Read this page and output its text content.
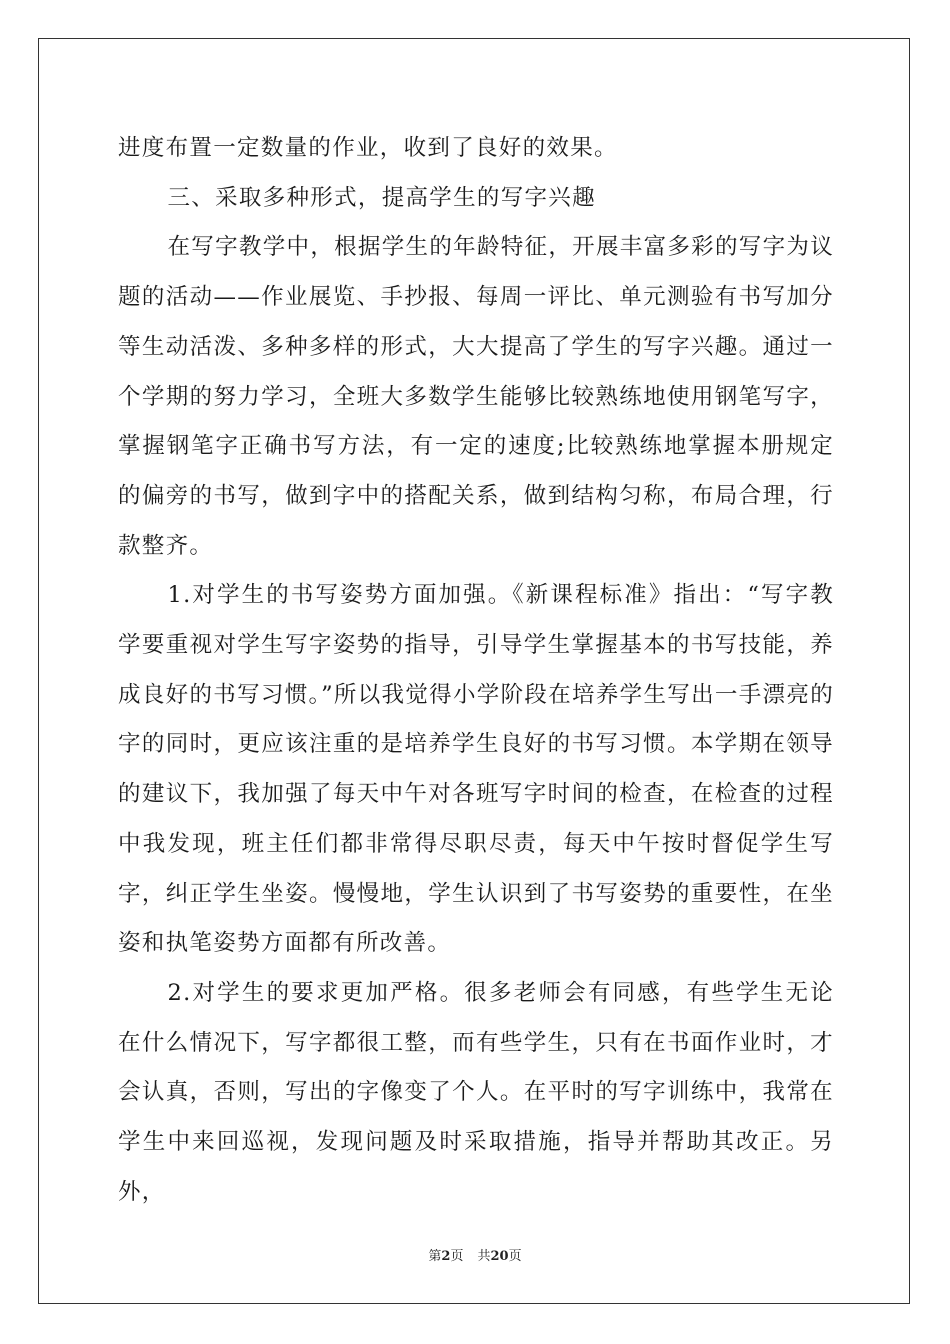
进度布置一定数量的作业，收到了良好的效果。

三、采取多种形式，提高学生的写字兴趣

在写字教学中，根据学生的年龄特征，开展丰富多彩的写字为议题的活动——作业展览、手抄报、每周一评比、单元测验有书写加分等生动活泼、多种多样的形式，大大提高了学生的写字兴趣。通过一个学期的努力学习，全班大多数学生能够比较熟练地使用钢笔写字，掌握钢笔字正确书写方法，有一定的速度;比较熟练地掌握本册规定的偏旁的书写，做到字中的搭配关系，做到结构匀称，布局合理，行款整齐。

1.对学生的书写姿势方面加强。《新课程标准》指出：“写字教学要重视对学生写字姿势的指导，引导学生掌握基本的书写技能，养成良好的书写习惯。”所以我觉得小学阶段在培养学生写出一手漂亮的字的同时，更应该注重的是培养学生良好的书写习惯。本学期在领导的建议下，我加强了每天中午对各班写字时间的检查，在检查的过程中我发现，班主任们都非常得尽职尽责，每天中午按时督促学生写字，纠正学生坐姿。慢慢地，学生认识到了书写姿势的重要性，在坐姿和执笔姿势方面都有所改善。

2.对学生的要求更加严格。很多老师会有同感，有些学生无论在什么情况下，写字都很工整，而有些学生，只有在书面作业时，才会认真，否则，写出的字像变了个人。在平时的写字训练中，我常在学生中来回巡视，发现问题及时采取措施，指导并帮助其改正。另外，

第2页 共20页
